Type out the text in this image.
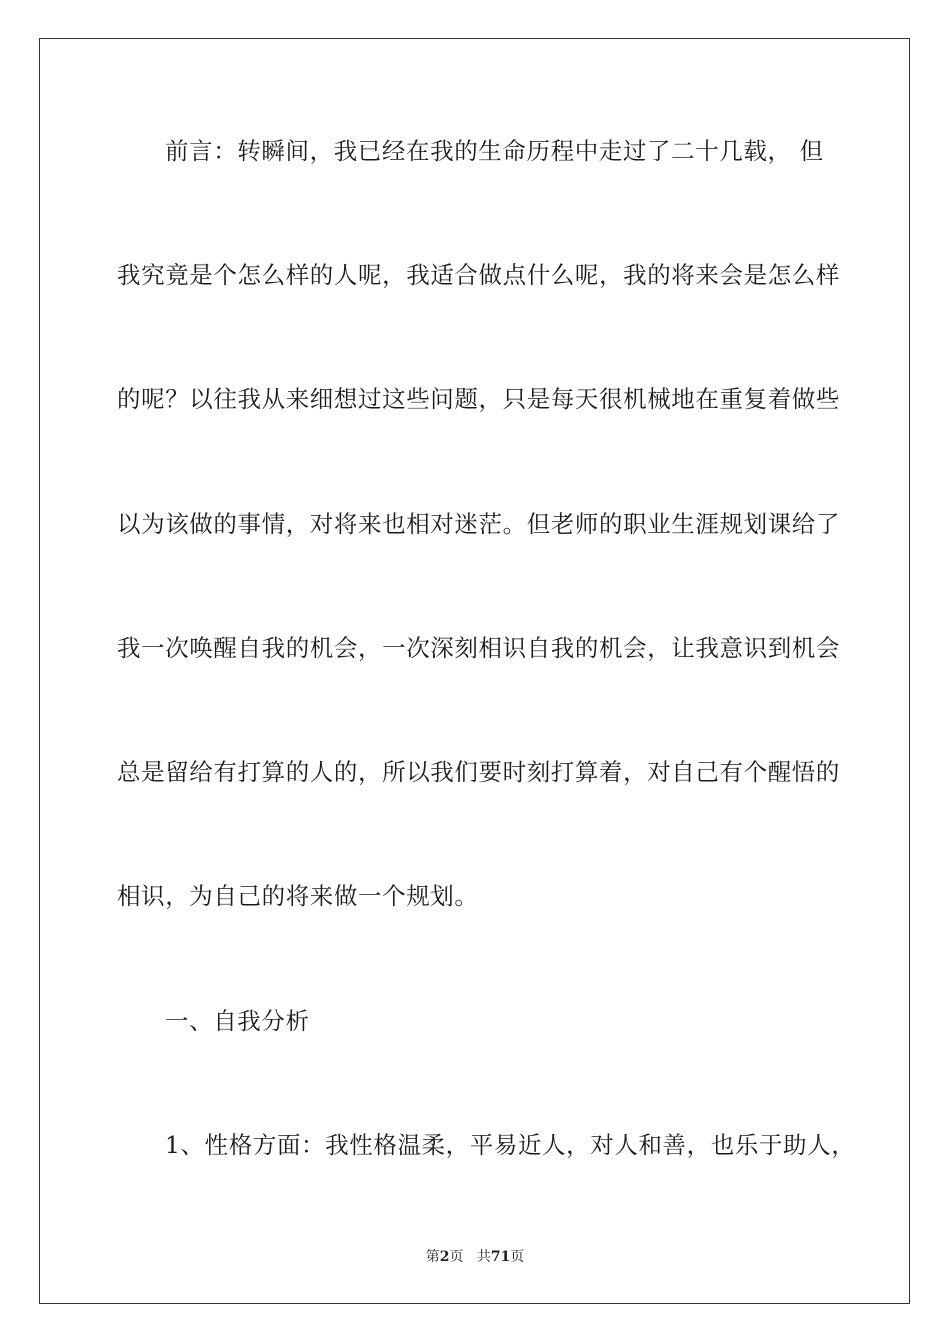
前言：转瞬间，我已经在我的生命历程中走过了二十几载， 但
我究竟是个怎么样的人呢，我适合做点什么呢，我的将来会是怎么样
的呢？以往我从来细想过这些问题，只是每天很机械地在重复着做些
以为该做的事情，对将来也相对迷茫。但老师的职业生涯规划课给了
我一次唤醒自我的机会，一次深刻相识自我的机会，让我意识到机会
总是留给有打算的人的，所以我们要时刻打算着，对自己有个醒悟的
相识，为自己的将来做一个规划。
一、自我分析
1、性格方面：我性格温柔，平易近人，对人和善，也乐于助人，
第2页 共71页
